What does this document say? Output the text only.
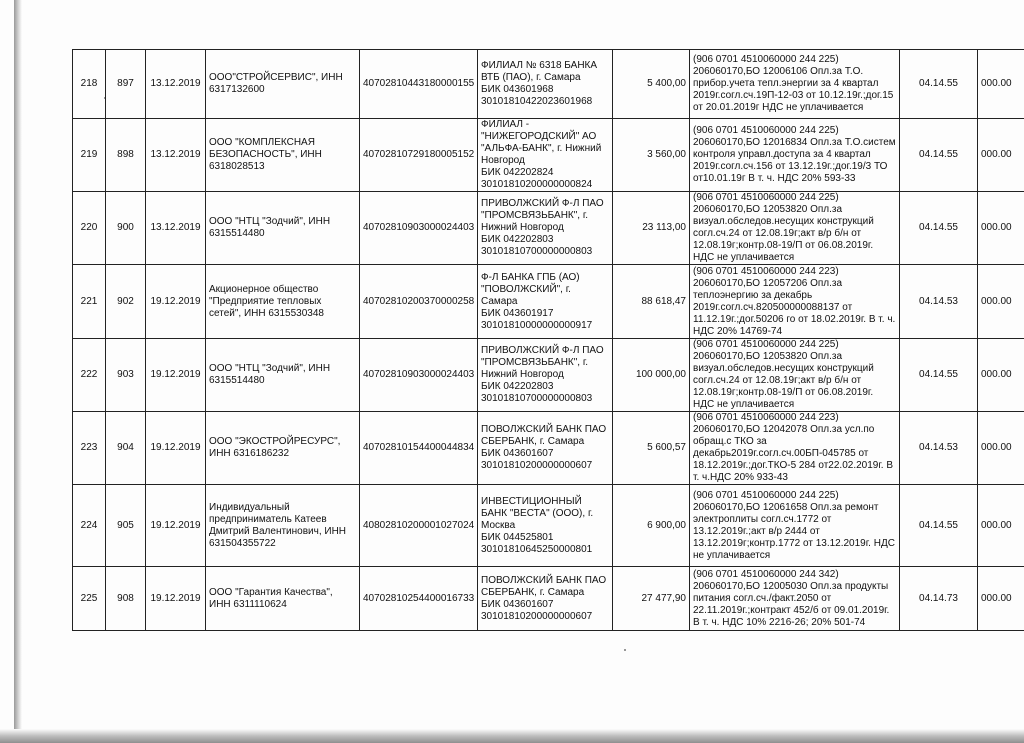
218	897	13.12.2019	ООО"СТРОЙСЕРВИС", ИНН 6317132600	40702810443180000155	ФИЛИАЛ № 6318 БАНКА ВТБ (ПАО), г. Самара
БИК 043601968
30101810422023601968	5 400,00	(906 0701 4510060000 244 225)
206060170,БО 12006106 Опл.за Т.О. прибор.учета тепл.энергии за 4 квартал 2019г.согл.сч.19П-12-03 от 10.12.19г.;дог.15 от 20.01.2019г НДС не уплачивается	04.14.55	000.00
219	898	13.12.2019	ООО "КОМПЛЕКСНАЯ БЕЗОПАСНОСТЬ", ИНН 6318028513	40702810729180005152	ФИЛИАЛ - "НИЖЕГОРОДСКИЙ" АО "АЛЬФА-БАНК", г. Нижний Новгород
БИК 042202824
30101810200000000824	3 560,00	(906 0701 4510060000 244 225)
206060170,БО 12016834 Опл.за Т.О.систем контроля управл.доступа за 4 квартал 2019г.согл.сч.156 от 13.12.19г.;дог.19/3 ТО от10.01.19г В т. ч. НДС 20% 593-33	04.14.55	000.00
220	900	13.12.2019	ООО "НТЦ "Зодчий", ИНН 6315514480	40702810903000024403	ПРИВОЛЖСКИЙ Ф-Л ПАО "ПРОМСВЯЗЬБАНК", г. Нижний Новгород
БИК 042202803
30101810700000000803	23 113,00	(906 0701 4510060000 244 225)
206060170,БО 12053820 Опл.за визуал.обследов.несущих конструкций согл.сч.24 от 12.08.19г;акт в/р б/н от 12.08.19г;контр.08-19/П от 06.08.2019г. НДС не уплачивается	04.14.55	000.00
221	902	19.12.2019	Акционерное общество "Предприятие тепловых сетей", ИНН 6315530348	40702810200370000258	Ф-Л БАНКА ГПБ (АО) "ПОВОЛЖСКИЙ", г. Самара
БИК 043601917
30101810000000000917	88 618,47	(906 0701 4510060000 244 223)
206060170,БО 12057206 Опл.за теплоэнергию за декабрь 2019г.согл.сч.820500000088137 от 11.12.19г.;дог.50206 го от 18.02.2019г. В т. ч. НДС 20% 14769-74	04.14.53	000.00
222	903	19.12.2019	ООО "НТЦ "Зодчий", ИНН 6315514480	40702810903000024403	ПРИВОЛЖСКИЙ Ф-Л ПАО "ПРОМСВЯЗЬБАНК", г. Нижний Новгород
БИК 042202803
30101810700000000803	100 000,00	(906 0701 4510060000 244 225)
206060170,БО 12053820 Опл.за визуал.обследов.несущих конструкций согл.сч.24 от 12.08.19г;акт в/р б/н от 12.08.19г;контр.08-19/П от 06.08.2019г. НДС не уплачивается	04.14.55	000.00
223	904	19.12.2019	ООО "ЭКОСТРОЙРЕСУРС", ИНН 6316186232	40702810154400044834	ПОВОЛЖСКИЙ БАНК ПАО СБЕРБАНК, г. Самара
БИК 043601607
30101810200000000607	5 600,57	(906 0701 4510060000 244 223)
206060170,БО 12042078 Опл.за усл.по обращ.с ТКО за декабрь2019г.согл.сч.00БП-045785 от 18.12.2019г.;дог.ТКО-5 284 от22.02.2019г. В т. ч.НДС 20% 933-43	04.14.53	000.00
224	905	19.12.2019	Индивидуальный предприниматель Катеев Дмитрий Валентинович, ИНН 631504355722	40802810200001027024	ИНВЕСТИЦИОННЫЙ БАНК "ВЕСТА" (ООО), г. Москва
БИК 044525801
30101810645250000801	6 900,00	(906 0701 4510060000 244 225)
206060170,БО 12061658 Опл.за ремонт электроплиты согл.сч.1772 от 13.12.2019г.;акт в/р 2444 от 13.12.2019г;контр.1772 от 13.12.2019г. НДС не уплачивается	04.14.55	000.00
225	908	19.12.2019	ООО "Гарантия Качества", ИНН 6311110624	40702810254400016733	ПОВОЛЖСКИЙ БАНК ПАО СБЕРБАНК, г. Самара
БИК 043601607
30101810200000000607	27 477,90	(906 0701 4510060000 244 342)
206060170,БО 12005030 Опл.за продукты питания согл.сч./факт.2050 от 22.11.2019г.;контракт 452/б от 09.01.2019г. В т. ч. НДС 10% 2216-26; 20% 501-74	04.14.73	000.00
